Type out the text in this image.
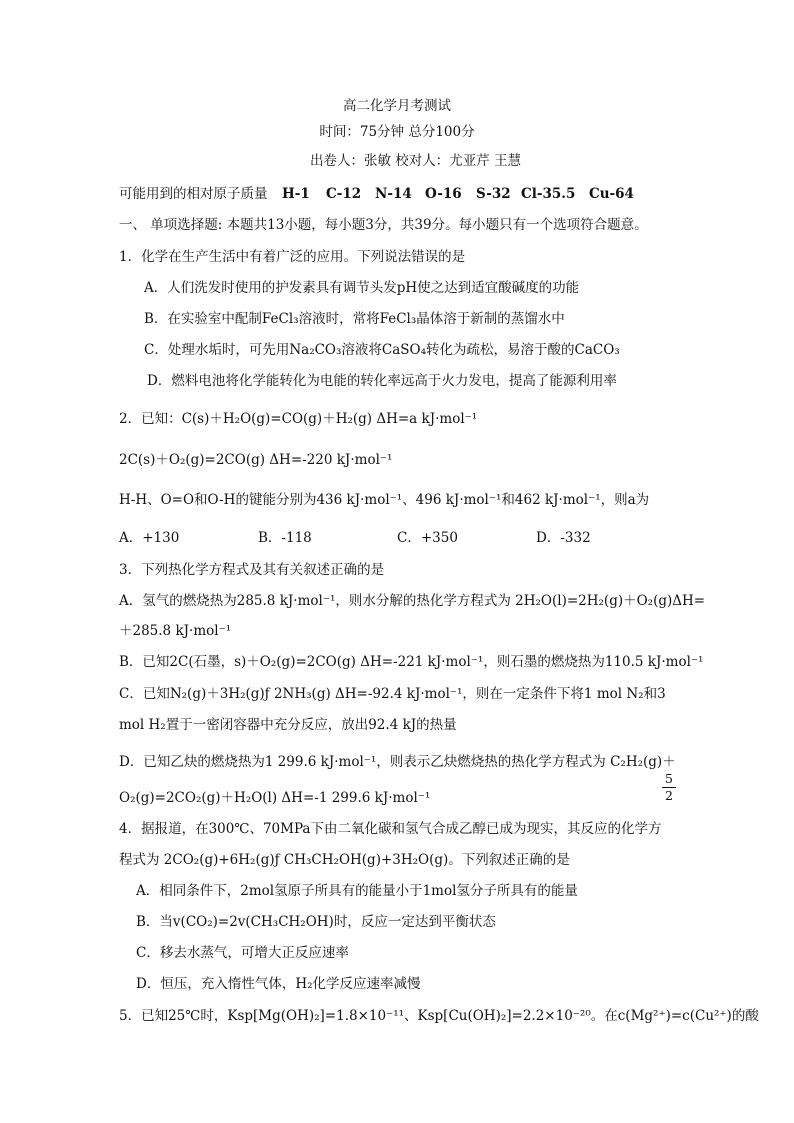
高二化学月考测试
时间：75分钟 总分100分
出卷人：张敏 校对人：尤亚芹 王慧
可能用到的相对原子质量 H-1 C-12 N-14 O-16 S-32 Cl-35.5 Cu-64
一、 单项选择题: 本题共13小题，每小题3分，共39分。每小题只有一个选项符合题意。
1．化学在生产生活中有着广泛的应用。下列说法错误的是
A．人们洗发时使用的护发素具有调节头发pH使之达到适宜酸碱度的功能
B．在实验室中配制FeCl₃溶液时，常将FeCl₃晶体溶于新制的蒸馏水中
C．处理水垢时，可先用Na₂CO₃溶液将CaSO₄转化为疏松，易溶于酸的CaCO₃
D．燃料电池将化学能转化为电能的转化率远高于火力发电，提高了能源利用率
2．已知：C(s)＋H₂O(g)=CO(g)＋H₂(g) ΔH=a kJ·mol⁻¹
2C(s)＋O₂(g)=2CO(g) ΔH=-220 kJ·mol⁻¹
H-H、O=O和O-H的键能分别为436 kJ·mol⁻¹、496 kJ·mol⁻¹和462 kJ·mol⁻¹，则a为
A．+130	B．-118	C．+350	D．-332
3．下列热化学方程式及其有关叙述正确的是
A．氢气的燃烧热为285.8 kJ·mol⁻¹，则水分解的热化学方程式为 2H₂O(l)=2H₂(g)＋O₂(g)ΔH=
＋285.8 kJ·mol⁻¹
B．已知2C(石墨，s)＋O₂(g)=2CO(g) ΔH=-221 kJ·mol⁻¹，则石墨的燃烧热为110.5 kJ·mol⁻¹
C．已知N₂(g)＋3H₂(g)ƒ 2NH₃(g) ΔH=-92.4 kJ·mol⁻¹，则在一定条件下将1 mol N₂和3
mol H₂置于一密闭容器中充分反应，放出92.4 kJ的热量
D．已知乙炔的燃烧热为1 299.6 kJ·mol⁻¹，则表示乙炔燃烧热的热化学方程式为 C₂H₂(g)＋
5
2
O₂(g)=2CO₂(g)＋H₂O(l) ΔH=-1 299.6 kJ·mol⁻¹
4．据报道，在300℃、70MPa下由二氧化碳和氢气合成乙醇已成为现实，其反应的化学方
程式为 2CO₂(g)+6H₂(g)ƒ CH₃CH₂OH(g)+3H₂O(g)。下列叙述正确的是
A．相同条件下，2mol氢原子所具有的能量小于1mol氢分子所具有的能量
B．当v(CO₂)=2v(CH₃CH₂OH)时，反应一定达到平衡状态
C．移去水蒸气，可增大正反应速率
D．恒压，充入惰性气体，H₂化学反应速率减慢
5．已知25℃时，Ksp[Mg(OH)₂]=1.8×10⁻¹¹、Ksp[Cu(OH)₂]=2.2×10⁻²⁰。在c(Mg²⁺)=c(Cu²⁺)的酸
